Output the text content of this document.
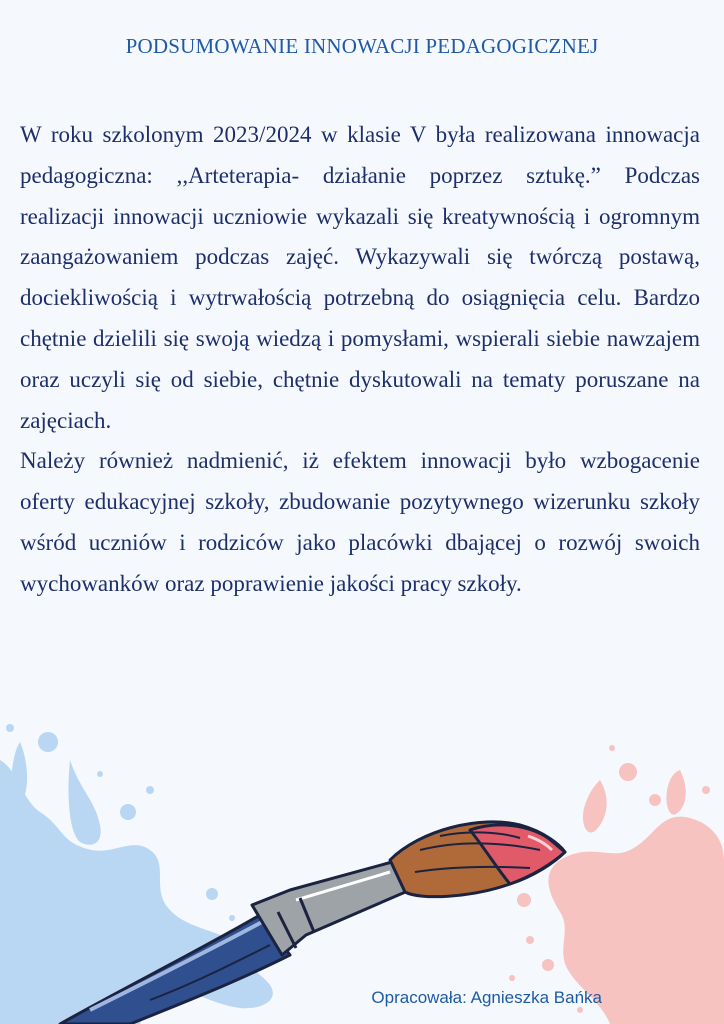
PODSUMOWANIE INNOWACJI PEDAGOGICZNEJ

W roku szkolonym 2023/2024 w klasie V była realizowana innowacja pedagogiczna: ,,Arteterapia- działanie poprzez sztukę.” Podczas realizacji innowacji uczniowie wykazali się kreatywnością i ogromnym zaangażowaniem podczas zajęć. Wykazywali się twórczą postawą, dociekliwością i wytrwałością potrzebną do osiągnięcia celu. Bardzo chętnie dzielili się swoją wiedzą i pomysłami, wspierali siebie nawzajem oraz uczyli się od siebie, chętnie dyskutowali na tematy poruszane na zajęciach.

Należy również nadmienić, iż efektem innowacji było wzbogacenie oferty edukacyjnej szkoły, zbudowanie pozytywnego wizerunku szkoły wśród uczniów i rodziców jako placówki dbającej o rozwój swoich wychowanków oraz poprawienie jakości pracy szkoły.

Opracowała: Agnieszka Bańka
